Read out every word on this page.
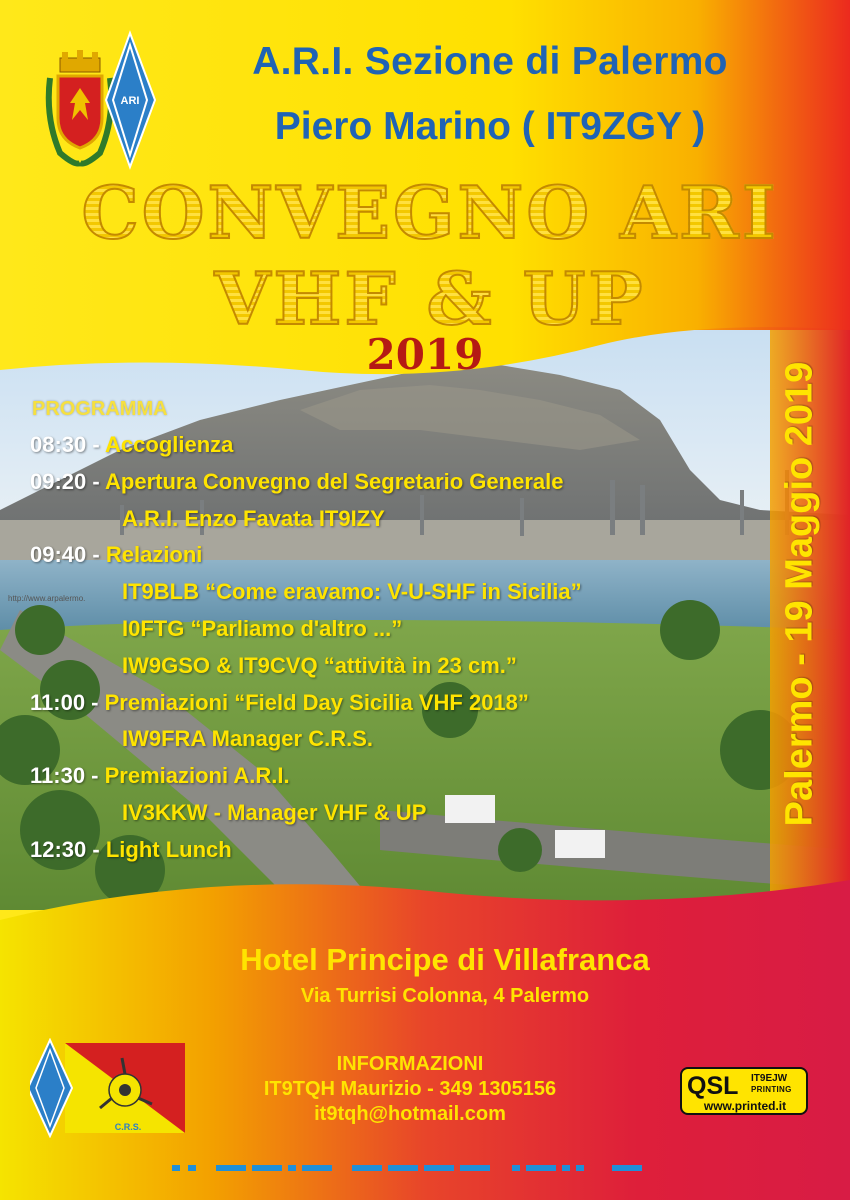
ARI
A.R.I. Sezione di Palermo
Piero Marino ( IT9ZGY )
CONVEGNO ARI
VHF & UP
2019
PROGRAMMA
08:30 - Accoglienza
09:20 - Apertura Convegno del Segretario Generale
A.R.I. Enzo Favata IT9IZY
09:40 - Relazioni
IT9BLB “Come eravamo: V-U-SHF in Sicilia”
I0FTG “Parliamo d'altro ...”
IW9GSO & IT9CVQ “attività in 23 cm.”
11:00 - Premiazioni “Field Day Sicilia VHF 2018”
IW9FRA Manager C.R.S.
11:30 - Premiazioni A.R.I.
IV3KKW - Manager VHF & UP
12:30 - Light Lunch
http://www.arpalermo.	Palermo - 19 Maggio 2019
Hotel Principe di Villafranca
Via Turrisi Colonna, 4 Palermo
C.R.S.
INFORMAZIONI
IT9TQH Maurizio - 349 1305156
it9tqh@hotmail.com
QSL IT9EJW
PRINTING
www.printed.it
